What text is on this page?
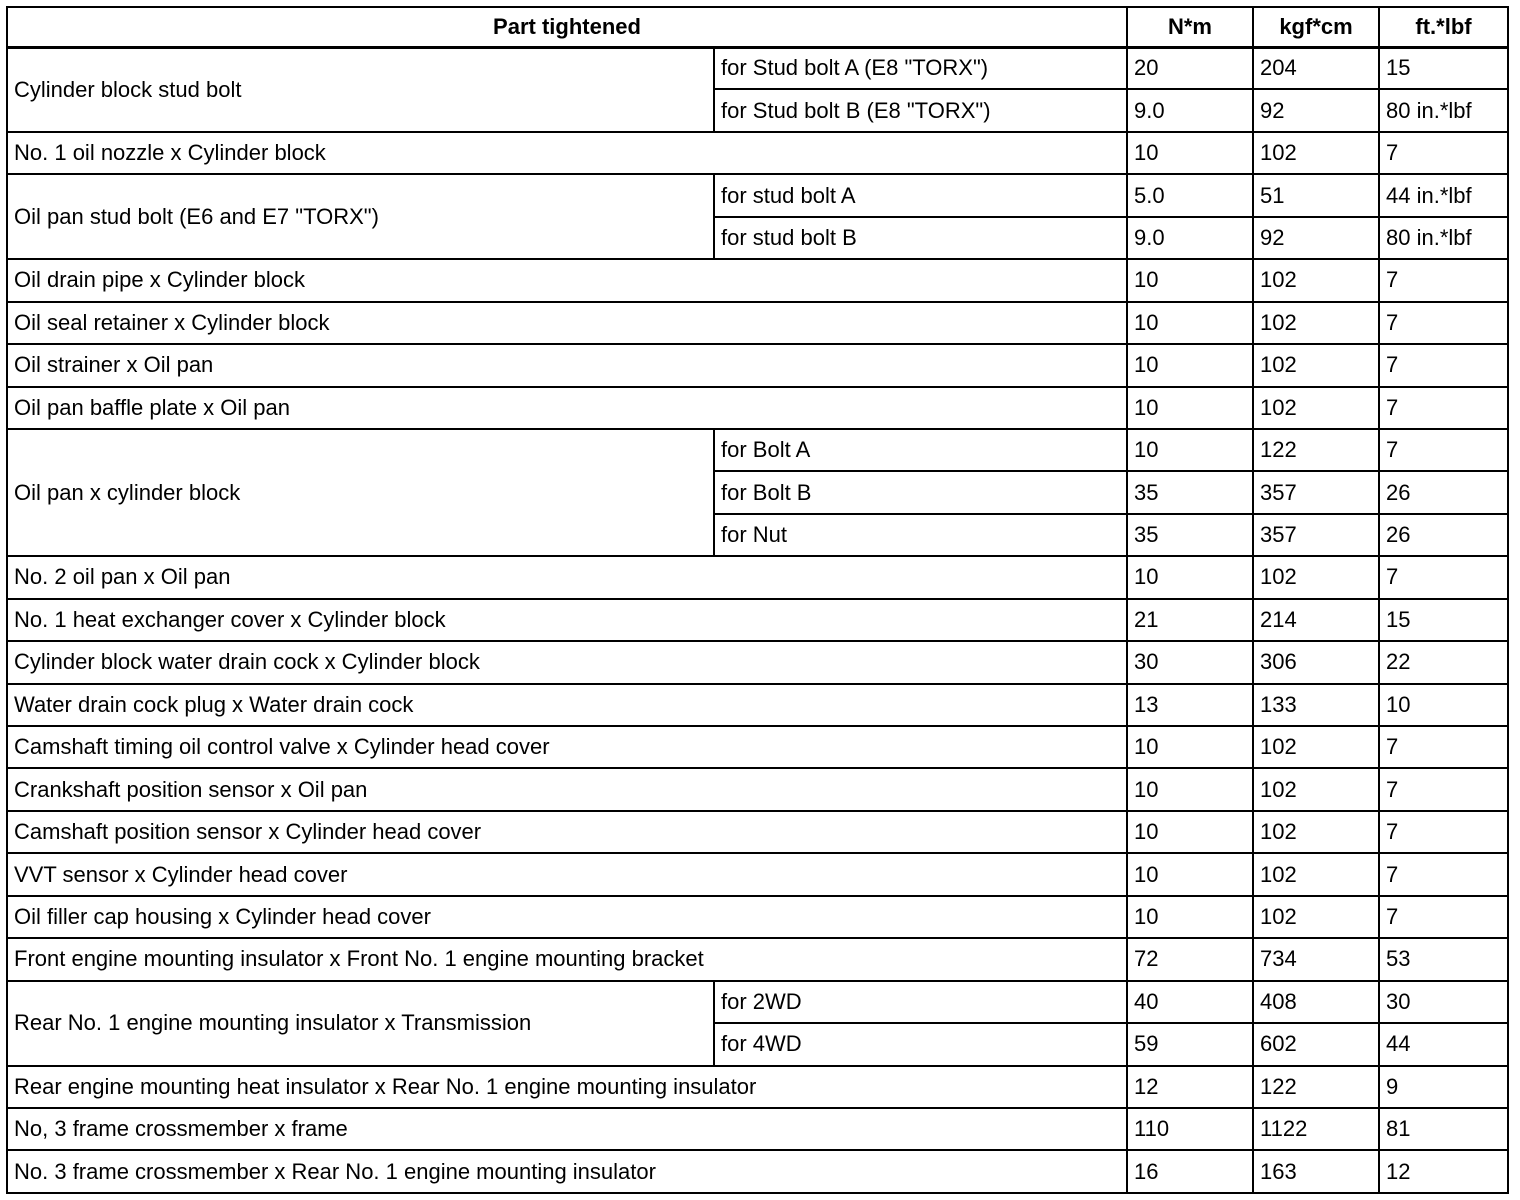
Part tightened		N*m	kgf*cm	ft.*lbf
Cylinder block stud bolt	for Stud bolt A (E8 "TORX")	20	204	15
	for Stud bolt B (E8 "TORX")	9.0	92	80 in.*lbf
No. 1 oil nozzle x Cylinder block		10	102	7
Oil pan stud bolt (E6 and E7 "TORX")	for stud bolt A	5.0	51	44 in.*lbf
	for stud bolt B	9.0	92	80 in.*lbf
Oil drain pipe x Cylinder block		10	102	7
Oil seal retainer x Cylinder block		10	102	7
Oil strainer x Oil pan		10	102	7
Oil pan baffle plate x Oil pan		10	102	7
Oil pan x cylinder block	for Bolt A	10	122	7
	for Bolt B	35	357	26
	for Nut	35	357	26
No. 2 oil pan x Oil pan		10	102	7
No. 1 heat exchanger cover x Cylinder block		21	214	15
Cylinder block water drain cock x Cylinder block		30	306	22
Water drain cock plug x Water drain cock		13	133	10
Camshaft timing oil control valve x Cylinder head cover		10	102	7
Crankshaft position sensor x Oil pan		10	102	7
Camshaft position sensor x Cylinder head cover		10	102	7
VVT sensor x Cylinder head cover		10	102	7
Oil filler cap housing x Cylinder head cover		10	102	7
Front engine mounting insulator x Front No. 1 engine mounting bracket		72	734	53
Rear No. 1 engine mounting insulator x Transmission	for 2WD	40	408	30
	for 4WD	59	602	44
Rear engine mounting heat insulator x Rear No. 1 engine mounting insulator		12	122	9
No, 3 frame crossmember x frame		110	1122	81
No. 3 frame crossmember x Rear No. 1 engine mounting insulator		16	163	12
